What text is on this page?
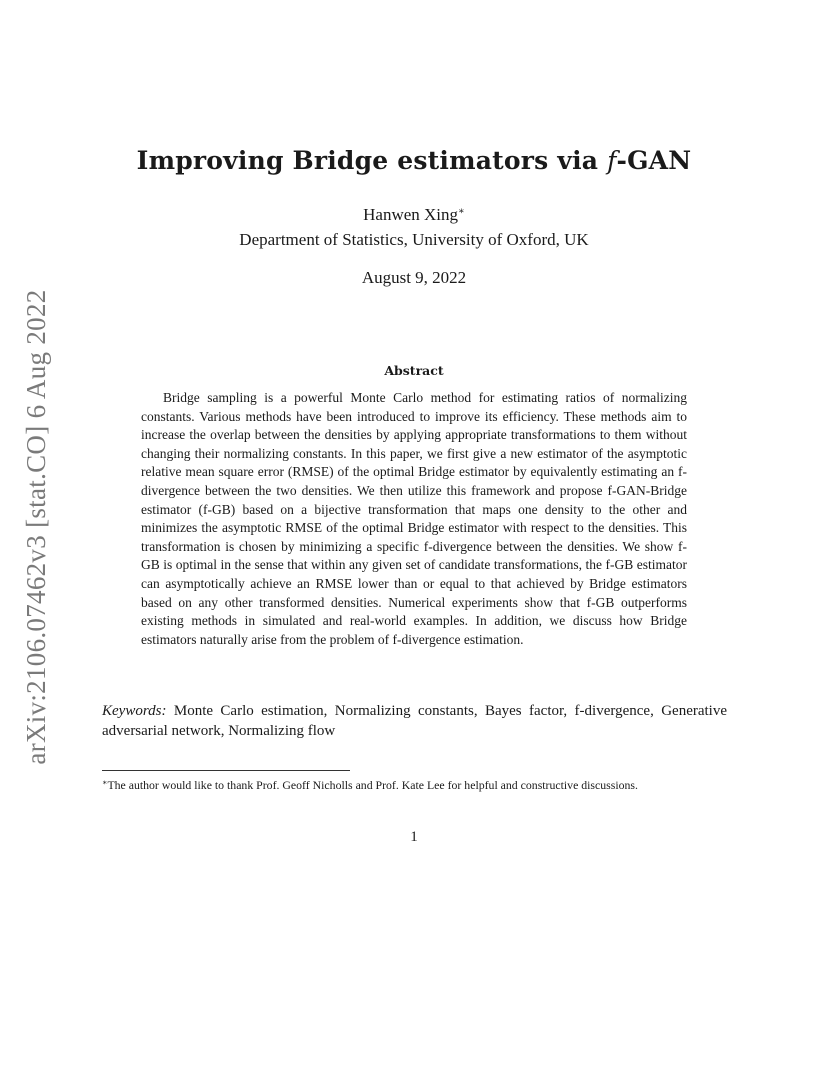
arXiv:2106.07462v3 [stat.CO] 6 Aug 2022
Improving Bridge estimators via f-GAN
Hanwen Xing∗
Department of Statistics, University of Oxford, UK
August 9, 2022
Abstract
Bridge sampling is a powerful Monte Carlo method for estimating ratios of normalizing constants. Various methods have been introduced to improve its efficiency. These methods aim to increase the overlap between the densities by applying appropriate transformations to them without changing their normalizing constants. In this paper, we first give a new estimator of the asymptotic relative mean square error (RMSE) of the optimal Bridge estimator by equivalently estimating an f-divergence between the two densities. We then utilize this framework and propose f-GAN-Bridge estimator (f-GB) based on a bijective transformation that maps one density to the other and minimizes the asymptotic RMSE of the optimal Bridge estimator with respect to the densities. This transformation is chosen by minimizing a specific f-divergence between the densities. We show f-GB is optimal in the sense that within any given set of candidate transformations, the f-GB estimator can asymptotically achieve an RMSE lower than or equal to that achieved by Bridge estimators based on any other transformed densities. Numerical experiments show that f-GB outperforms existing methods in simulated and real-world examples. In addition, we discuss how Bridge estimators naturally arise from the problem of f-divergence estimation.
Keywords: Monte Carlo estimation, Normalizing constants, Bayes factor, f-divergence, Generative adversarial network, Normalizing flow
∗The author would like to thank Prof. Geoff Nicholls and Prof. Kate Lee for helpful and constructive discussions.
1
